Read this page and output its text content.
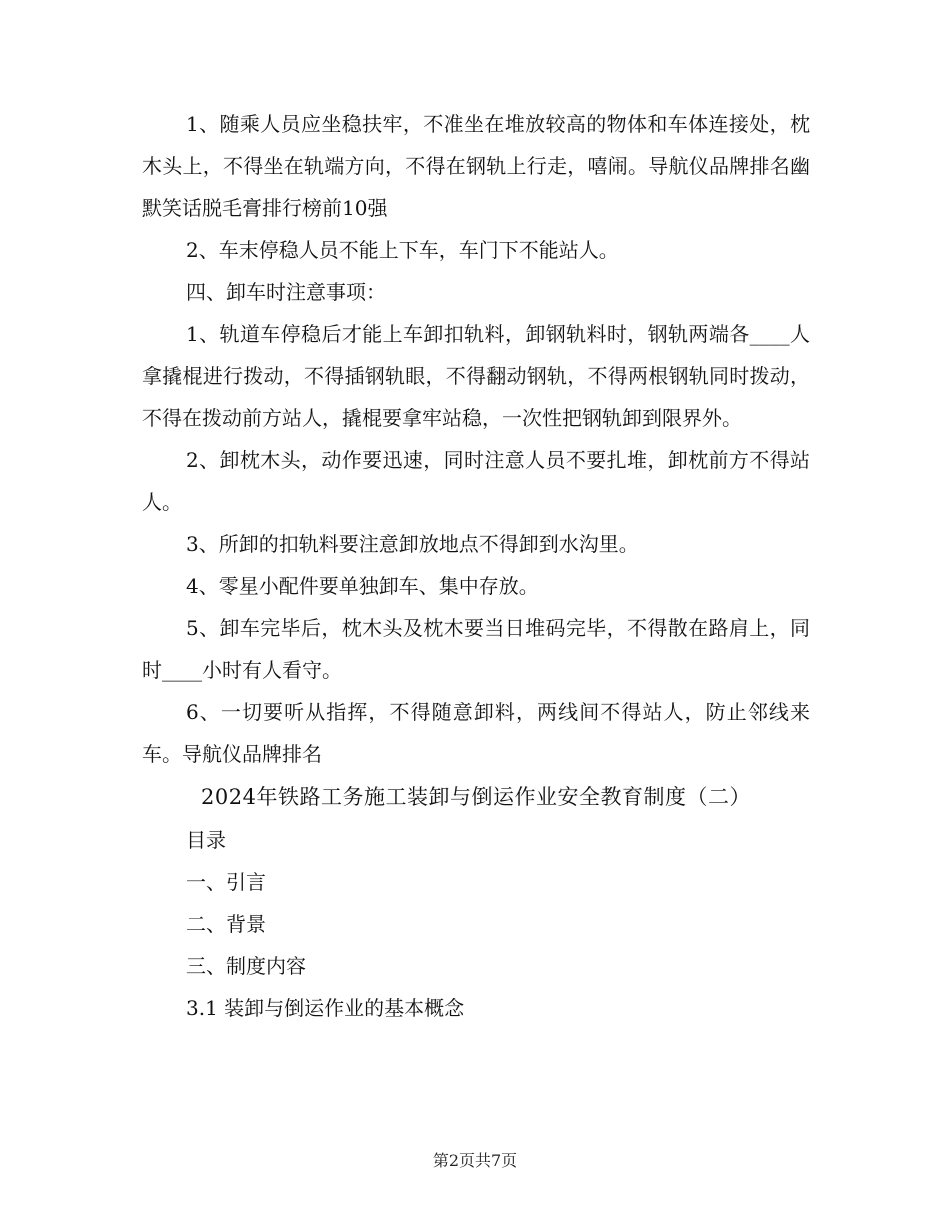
1、随乘人员应坐稳扶牢，不准坐在堆放较高的物体和车体连接处，枕木头上，不得坐在轨端方向，不得在钢轨上行走，嘻闹。导航仪品牌排名幽默笑话脱毛膏排行榜前10强

2、车末停稳人员不能上下车，车门下不能站人。

四、卸车时注意事项：

1、轨道车停稳后才能上车卸扣轨料，卸钢轨料时，钢轨两端各____人拿撬棍进行拨动，不得插钢轨眼，不得翻动钢轨，不得两根钢轨同时拨动，不得在拨动前方站人，撬棍要拿牢站稳，一次性把钢轨卸到限界外。

2、卸枕木头，动作要迅速，同时注意人员不要扎堆，卸枕前方不得站人。

3、所卸的扣轨料要注意卸放地点不得卸到水沟里。

4、零星小配件要单独卸车、集中存放。

5、卸车完毕后，枕木头及枕木要当日堆码完毕，不得散在路肩上，同时____小时有人看守。

6、一切要听从指挥，不得随意卸料，两线间不得站人，防止邻线来车。导航仪品牌排名

2024年铁路工务施工装卸与倒运作业安全教育制度（二）

目录

一、引言

二、背景

三、制度内容

3.1 装卸与倒运作业的基本概念

第2页共7页
